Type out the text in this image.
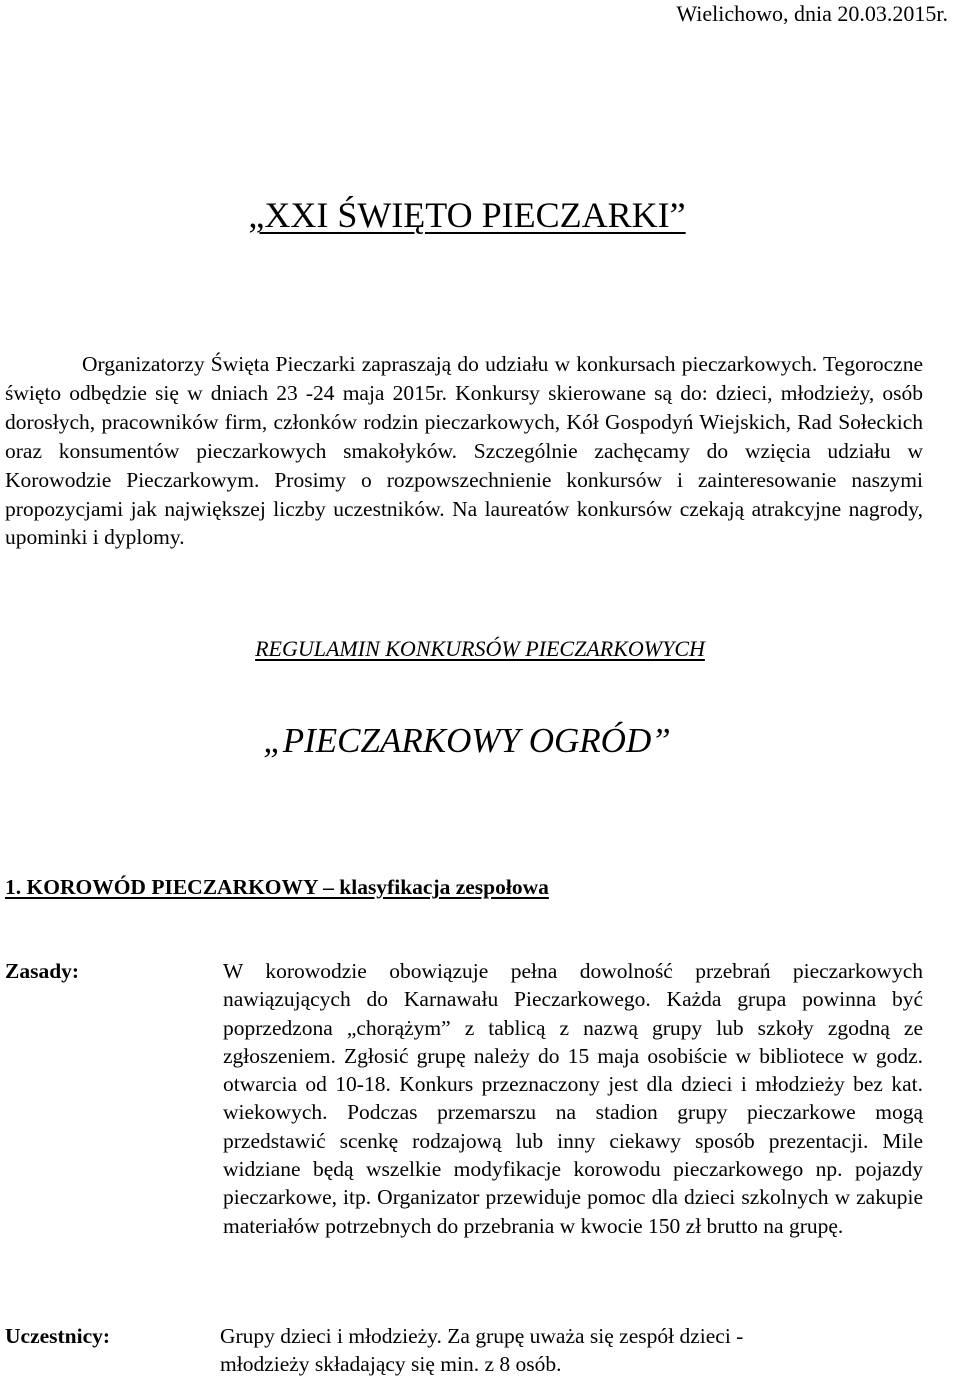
Wielichowo, dnia 20.03.2015r.
„XXI ŚWIĘTO PIECZARKI”

Organizatorzy Święta Pieczarki zapraszają do udziału w konkursach pieczarkowych. Tegoroczne święto odbędzie się w dniach 23 -24 maja 2015r. Konkursy skierowane są do: dzieci, młodzieży, osób dorosłych, pracowników firm, członków rodzin pieczarkowych, Kół Gospodyń Wiejskich, Rad Sołeckich oraz konsumentów pieczarkowych smakołyków. Szczególnie zachęcamy do wzięcia udziału w Korowodzie Pieczarkowym. Prosimy o rozpowszechnienie konkursów i zainteresowanie naszymi propozycjami jak największej liczby uczestników. Na laureatów konkursów czekają atrakcyjne nagrody, upominki i dyplomy.

REGULAMIN KONKURSÓW PIECZARKOWYCH
„PIECZARKOWY OGRÓD”
1. KOROWÓD PIECZARKOWY – klasyfikacja zespołowa
Zasady:	W korowodzie obowiązuje pełna dowolność przebrań pieczarkowych nawiązujących do Karnawału Pieczarkowego. Każda grupa powinna być poprzedzona „chorążym” z tablicą z nazwą grupy lub szkoły zgodną ze zgłoszeniem. Zgłosić grupę należy do 15 maja osobiście w bibliotece w godz. otwarcia od 10-18. Konkurs przeznaczony jest dla dzieci i młodzieży bez kat. wiekowych. Podczas przemarszu na stadion grupy pieczarkowe mogą przedstawić scenkę rodzajową lub inny ciekawy sposób prezentacji. Mile widziane będą wszelkie modyfikacje korowodu pieczarkowego np. pojazdy pieczarkowe, itp. Organizator przewiduje pomoc dla dzieci szkolnych w zakupie materiałów potrzebnych do przebrania w kwocie 150 zł brutto na grupę.

Uczestnicy:	Grupy dzieci i młodzieży. Za grupę uważa się zespół dzieci - młodzieży składający się min. z 8 osób.
